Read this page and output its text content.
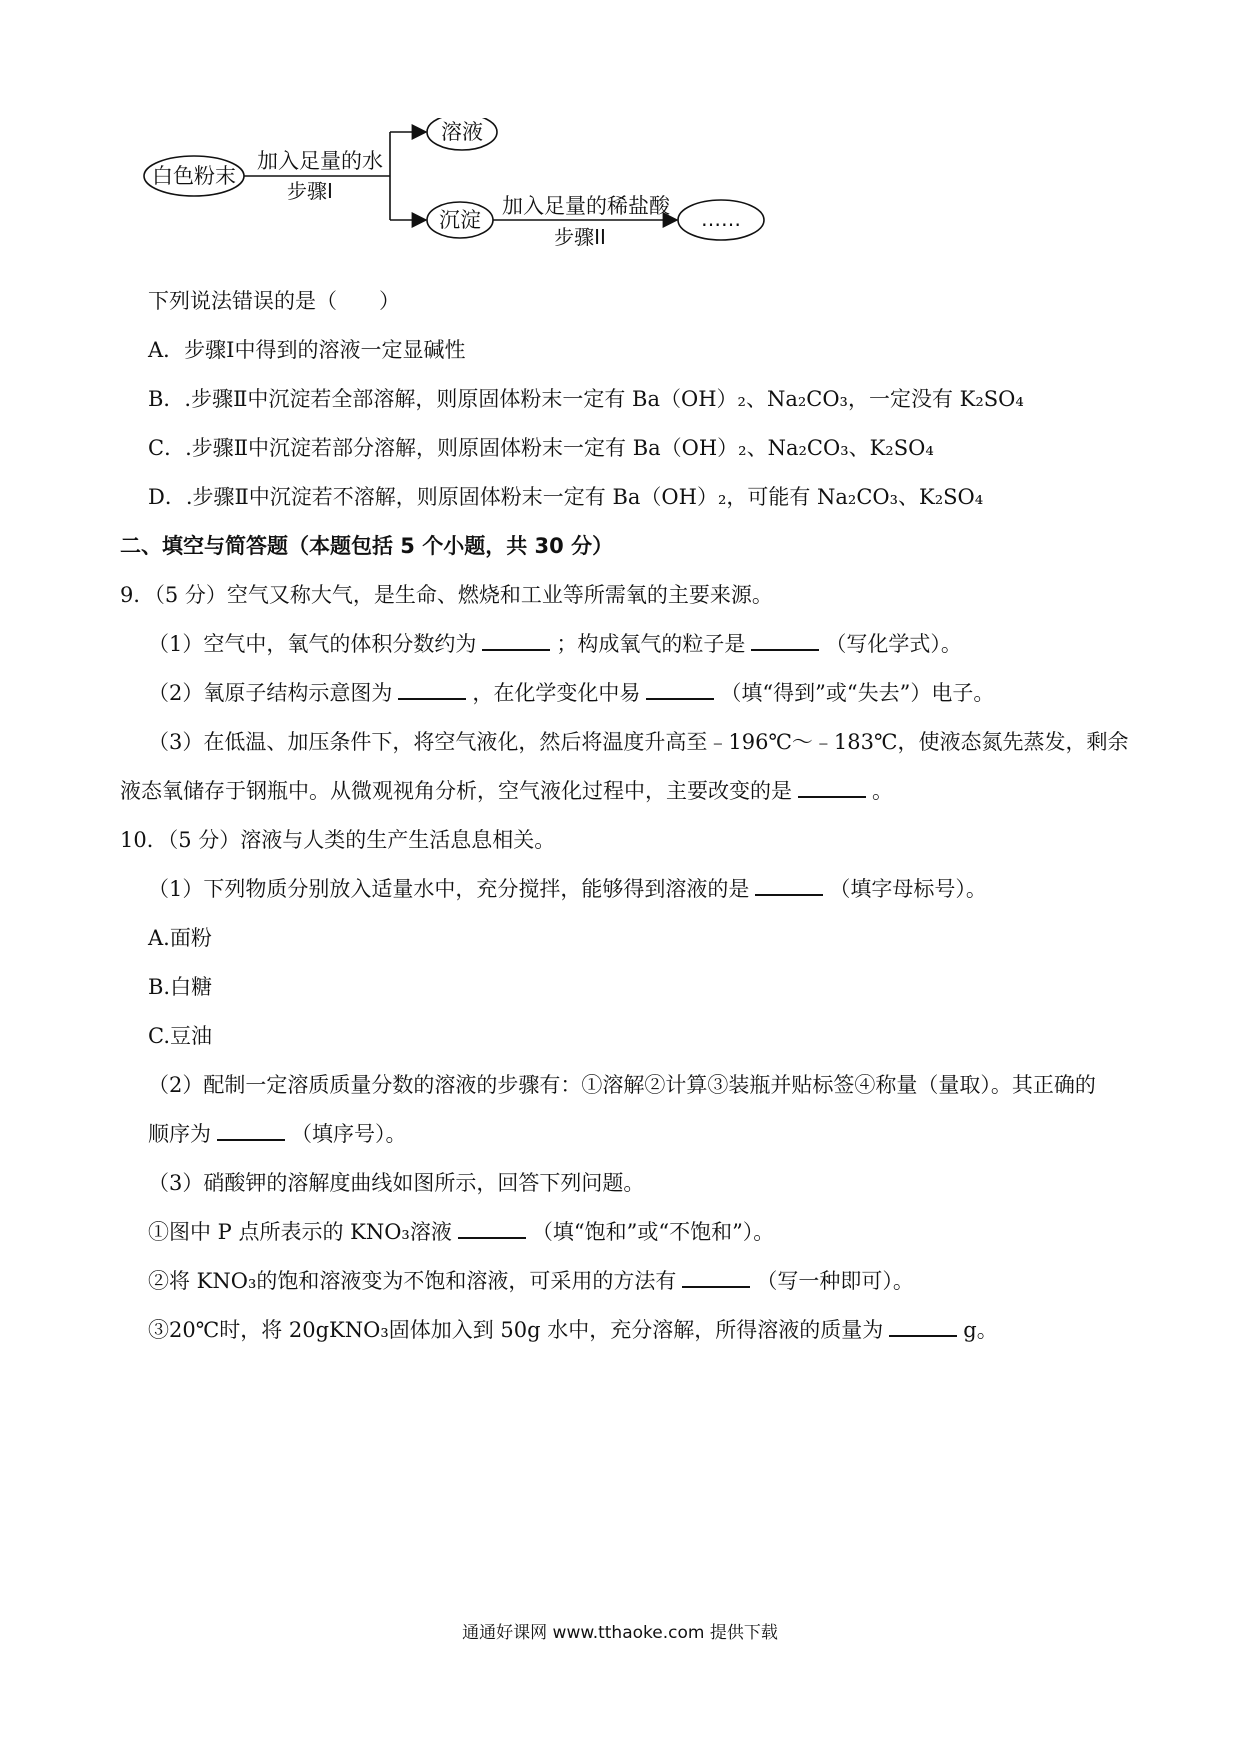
白色粉末
加入足量的水
步骤I
溶液
沉淀
加入足量的稀盐酸
步骤II
……
下列说法错误的是（　　）
A．步骤Ⅰ中得到的溶液一定显碱性
B．.步骤Ⅱ中沉淀若全部溶解，则原固体粉末一定有 Ba（OH）₂、Na₂CO₃，一定没有 K₂SO₄
C．.步骤Ⅱ中沉淀若部分溶解，则原固体粉末一定有 Ba（OH）₂、Na₂CO₃、K₂SO₄
D．.步骤Ⅱ中沉淀若不溶解，则原固体粉末一定有 Ba（OH）₂，可能有 Na₂CO₃、K₂SO₄
二、填空与简答题（本题包括 5 个小题，共 30 分）
9．（5 分）空气又称大气，是生命、燃烧和工业等所需氧的主要来源。
（1）空气中，氧气的体积分数约为	；构成氧气的粒子是	（写化学式）。
（2）氧原子结构示意图为	，在化学变化中易	（填“得到”或“失去”）电子。
（3）在低温、加压条件下，将空气液化，然后将温度升高至﹣196℃～﹣183℃，使液态氮先蒸发，剩余
液态氧储存于钢瓶中。从微观视角分析，空气液化过程中，主要改变的是	。
10．（5 分）溶液与人类的生产生活息息相关。
（1）下列物质分别放入适量水中，充分搅拌，能够得到溶液的是	（填字母标号）。
A.面粉
B.白糖
C.豆油
（2）配制一定溶质质量分数的溶液的步骤有：①溶解②计算③装瓶并贴标签④称量（量取）。其正确的
顺序为	（填序号）。
（3）硝酸钾的溶解度曲线如图所示，回答下列问题。
①图中 P 点所表示的 KNO₃溶液	（填“饱和”或“不饱和”）。
②将 KNO₃的饱和溶液变为不饱和溶液，可采用的方法有	（写一种即可）。
③20℃时，将 20gKNO₃固体加入到 50g 水中，充分溶解，所得溶液的质量为	g。
通通好课网 www.tthaoke.com 提供下载
